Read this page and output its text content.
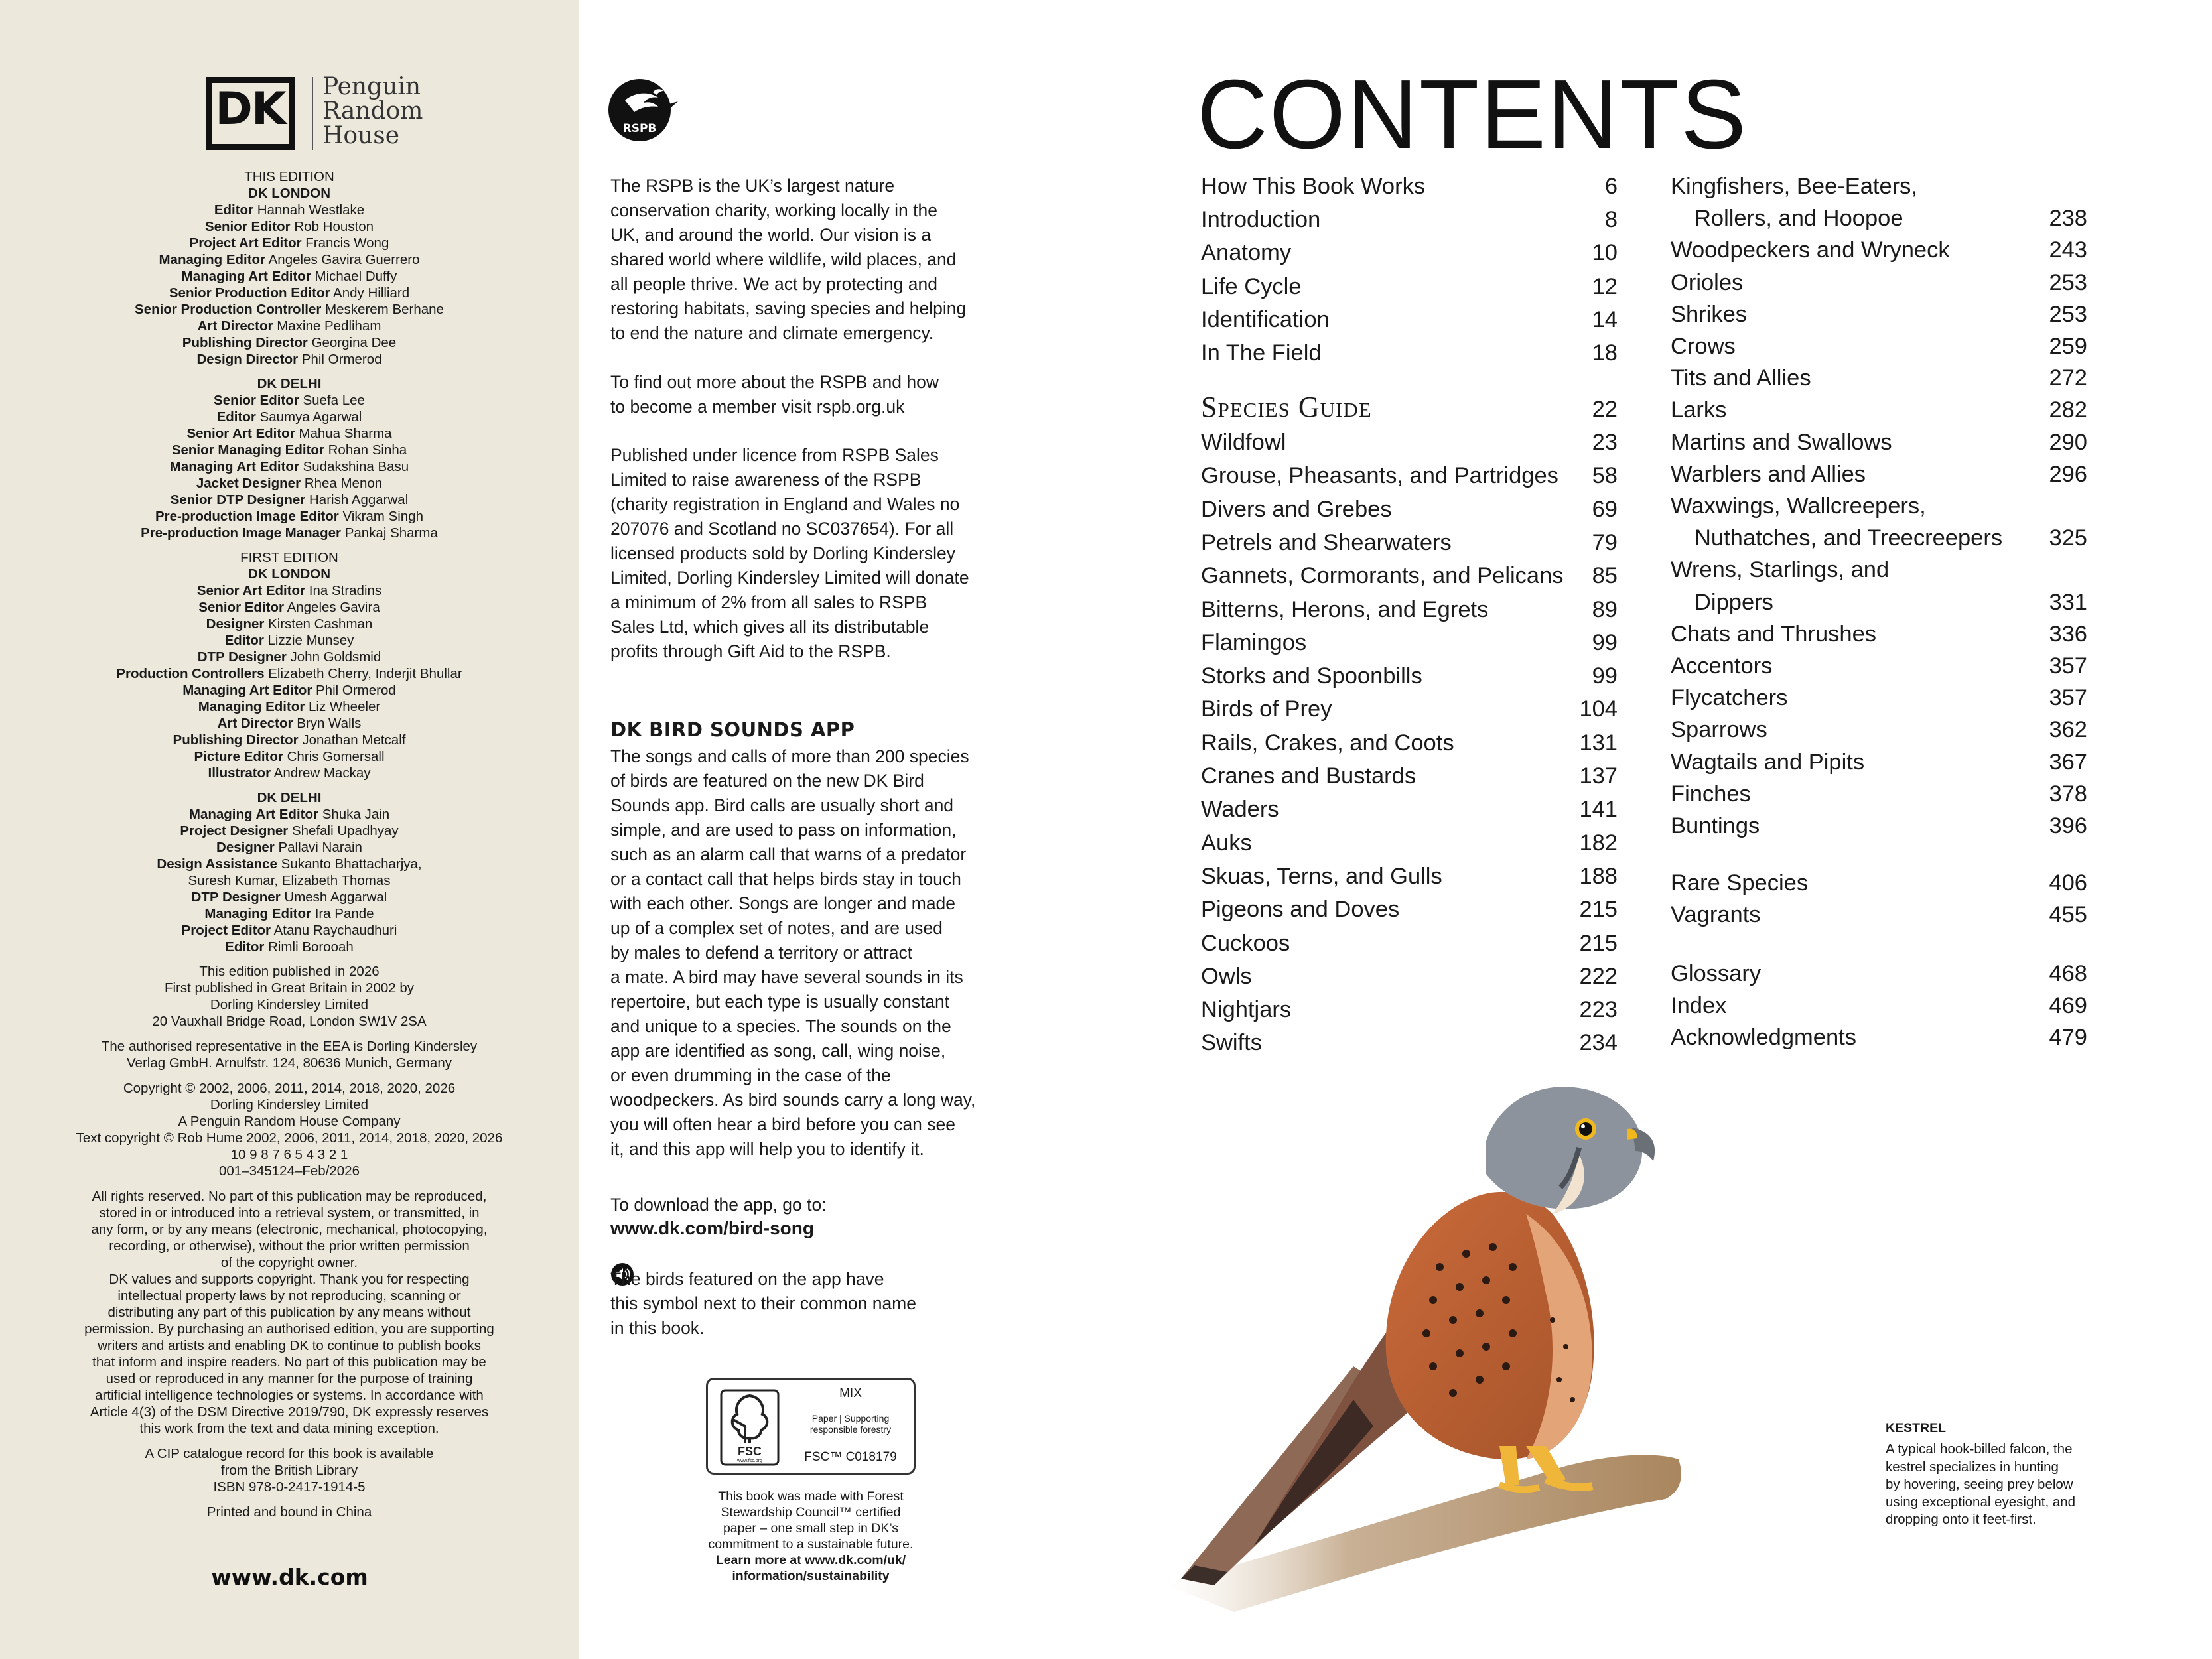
DK Penguin
Random
House
THIS EDITION
DK LONDON
Editor Hannah Westlake
Senior Editor Rob Houston
Project Art Editor Francis Wong
Managing Editor Angeles Gavira Guerrero
Managing Art Editor Michael Duffy
Senior Production Editor Andy Hilliard
Senior Production Controller Meskerem Berhane
Art Director Maxine Pedliham
Publishing Director Georgina Dee
Design Director Phil Ormerod
DK DELHI
Senior Editor Suefa Lee
Editor Saumya Agarwal
Senior Art Editor Mahua Sharma
Senior Managing Editor Rohan Sinha
Managing Art Editor Sudakshina Basu
Jacket Designer Rhea Menon
Senior DTP Designer Harish Aggarwal
Pre-production Image Editor Vikram Singh
Pre-production Image Manager Pankaj Sharma
FIRST EDITION
DK LONDON
Senior Art Editor Ina Stradins
Senior Editor Angeles Gavira
Designer Kirsten Cashman
Editor Lizzie Munsey
DTP Designer John Goldsmid
Production Controllers Elizabeth Cherry, Inderjit Bhullar
Managing Art Editor Phil Ormerod
Managing Editor Liz Wheeler
Art Director Bryn Walls
Publishing Director Jonathan Metcalf
Picture Editor Chris Gomersall
Illustrator Andrew Mackay
DK DELHI
Managing Art Editor Shuka Jain
Project Designer Shefali Upadhyay
Designer Pallavi Narain
Design Assistance Sukanto Bhattacharjya,
Suresh Kumar, Elizabeth Thomas
DTP Designer Umesh Aggarwal
Managing Editor Ira Pande
Project Editor Atanu Raychaudhuri
Editor Rimli Borooah
This edition published in 2026
First published in Great Britain in 2002 by
Dorling Kindersley Limited
20 Vauxhall Bridge Road, London SW1V 2SA
The authorised representative in the EEA is Dorling Kindersley
Verlag GmbH. Arnulfstr. 124, 80636 Munich, Germany
Copyright © 2002, 2006, 2011, 2014, 2018, 2020, 2026
Dorling Kindersley Limited
A Penguin Random House Company
Text copyright © Rob Hume 2002, 2006, 2011, 2014, 2018, 2020, 2026
10 9 8 7 6 5 4 3 2 1
001–345124–Feb/2026
All rights reserved. No part of this publication may be reproduced,
stored in or introduced into a retrieval system, or transmitted, in
any form, or by any means (electronic, mechanical, photocopying,
recording, or otherwise), without the prior written permission
of the copyright owner.
DK values and supports copyright. Thank you for respecting
intellectual property laws by not reproducing, scanning or
distributing any part of this publication by any means without
permission. By purchasing an authorised edition, you are supporting
writers and artists and enabling DK to continue to publish books
that inform and inspire readers. No part of this publication may be
used or reproduced in any manner for the purpose of training
artificial intelligence technologies or systems. In accordance with
Article 4(3) of the DSM Directive 2019/790, DK expressly reserves
this work from the text and data mining exception.
A CIP catalogue record for this book is available
from the British Library
ISBN 978-0-2417-1914-5
Printed and bound in China
www.dk.com
RSPB
The RSPB is the UK’s largest nature
conservation charity, working locally in the
UK, and around the world. Our vision is a
shared world where wildlife, wild places, and
all people thrive. We act by protecting and
restoring habitats, saving species and helping
to end the nature and climate emergency.
To find out more about the RSPB and how
to become a member visit rspb.org.uk
Published under licence from RSPB Sales
Limited to raise awareness of the RSPB
(charity registration in England and Wales no
207076 and Scotland no SC037654). For all
licensed products sold by Dorling Kindersley
Limited, Dorling Kindersley Limited will donate
a minimum of 2% from all sales to RSPB
Sales Ltd, which gives all its distributable
profits through Gift Aid to the RSPB.
DK BIRD SOUNDS APP
The songs and calls of more than 200 species
of birds are featured on the new DK Bird
Sounds app. Bird calls are usually short and
simple, and are used to pass on information,
such as an alarm call that warns of a predator
or a contact call that helps birds stay in touch
with each other. Songs are longer and made
up of a complex set of notes, and are used
by males to defend a territory or attract
a mate. A bird may have several sounds in its
repertoire, but each type is usually constant
and unique to a species. The sounds on the
app are identified as song, call, wing noise,
or even drumming in the case of the
woodpeckers. As bird sounds carry a long way,
you will often hear a bird before you can see
it, and this app will help you to identify it.
To download the app, go to:
www.dk.com/bird-song
The birds featured on the app have
this symbol next to their common name
in this book.
FSC
www.fsc.org
MIX
Paper | Supporting
responsible forestry
FSC™ C018179
This book was made with Forest
Stewardship Council™ certified
paper – one small step in DK’s
commitment to a sustainable future.
Learn more at www.dk.com/uk/
information/sustainability
CONTENTS
How This Book Works	6
Introduction	8
Anatomy	10
Life Cycle	12
Identification	14
In The Field	18
Wildfowl	23
Grouse, Pheasants, and Partridges	58
Divers and Grebes	69
Petrels and Shearwaters	79
Gannets, Cormorants, and Pelicans	85
Bitterns, Herons, and Egrets	89
Flamingos	99
Storks and Spoonbills	99
Birds of Prey	104
Rails, Crakes, and Coots	131
Cranes and Bustards	137
Waders	141
Auks	182
Skuas, Terns, and Gulls	188
Pigeons and Doves	215
Cuckoos	215
Owls	222
Nightjars	223
Swifts	234
Kingfishers, Bee-Eaters,
Rollers, and Hoopoe	238
Woodpeckers and Wryneck	243
Orioles	253
Shrikes	253
Crows	259
Tits and Allies	272
Larks	282
Martins and Swallows	290
Warblers and Allies	296
Waxwings, Wallcreepers,
Nuthatches, and Treecreepers	325
Wrens, Starlings, and
Dippers	331
Chats and Thrushes	336
Accentors	357
Flycatchers	357
Sparrows	362
Wagtails and Pipits	367
Finches	378
Buntings	396
Rare Species	406
Vagrants	455
Glossary	468
Index	469
Acknowledgments	479
Species Guide	22
KESTREL
A typical hook-billed falcon, the
kestrel specializes in hunting
by hovering, seeing prey below
using exceptional eyesight, and
dropping onto it feet-first.
